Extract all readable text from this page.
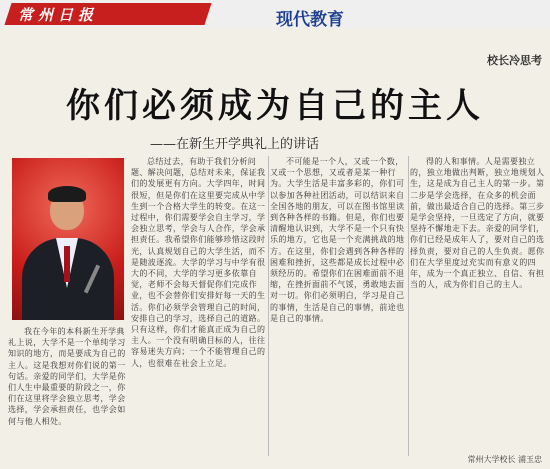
常州日报	现代教育
校长冷思考
你们必须成为自己的主人
——在新生开学典礼上的讲话

我在今年的本科新生开学典礼上说，大学不是一个单纯学习知识的地方，而是要成为自己的主人。这是我想对你们说的第一句话。亲爱的同学们，大学是你们人生中最重要的阶段之一，你们在这里将学会独立思考，学会选择，学会承担责任，也学会如何与他人相处。

总结过去，有助于我们分析问题、解决问题，总结对未来，保证我们的发展更有方向。大学四年，时间很短，但是你们在这里要完成从中学生到一个合格大学生的转变。在这一过程中，你们需要学会自主学习，学会独立思考，学会与人合作，学会承担责任。我希望你们能够珍惜这段时光，认真规划自己的大学生活，而不是随波逐流。大学的学习与中学有很大的不同，大学的学习更多依靠自觉，老师不会每天督促你们完成作业，也不会替你们安排好每一天的生活。你们必须学会管理自己的时间，安排自己的学习，选择自己的道路。只有这样，你们才能真正成为自己的主人。一个没有明确目标的人，往往容易迷失方向；一个不能管理自己的人，也很难在社会上立足。

不可能是一个人，又或一个数，又或一个思想，又或者是某一种行为。大学生活是丰富多彩的，你们可以参加各种社团活动，可以结识来自全国各地的朋友，可以在图书馆里读到各种各样的书籍。但是，你们也要清醒地认识到，大学不是一个只有快乐的地方，它也是一个充满挑战的地方。在这里，你们会遇到各种各样的困难和挫折，这些都是成长过程中必须经历的。希望你们在困难面前不退缩，在挫折面前不气馁，勇敢地去面对一切。你们必须明白，学习是自己的事情，生活是自己的事情，前途也是自己的事情。

得的人和事情。人是需要独立的，独立地做出判断，独立地规划人生，这是成为自己主人的第一步。第二步是学会选择，在众多的机会面前，做出最适合自己的选择。第三步是学会坚持，一旦选定了方向，就要坚持不懈地走下去。亲爱的同学们，你们已经是成年人了，要对自己的选择负责，要对自己的人生负责。愿你们在大学里度过充实而有意义的四年，成为一个真正独立、自信、有担当的人，成为你们自己的主人。

常州大学校长 浦玉忠
